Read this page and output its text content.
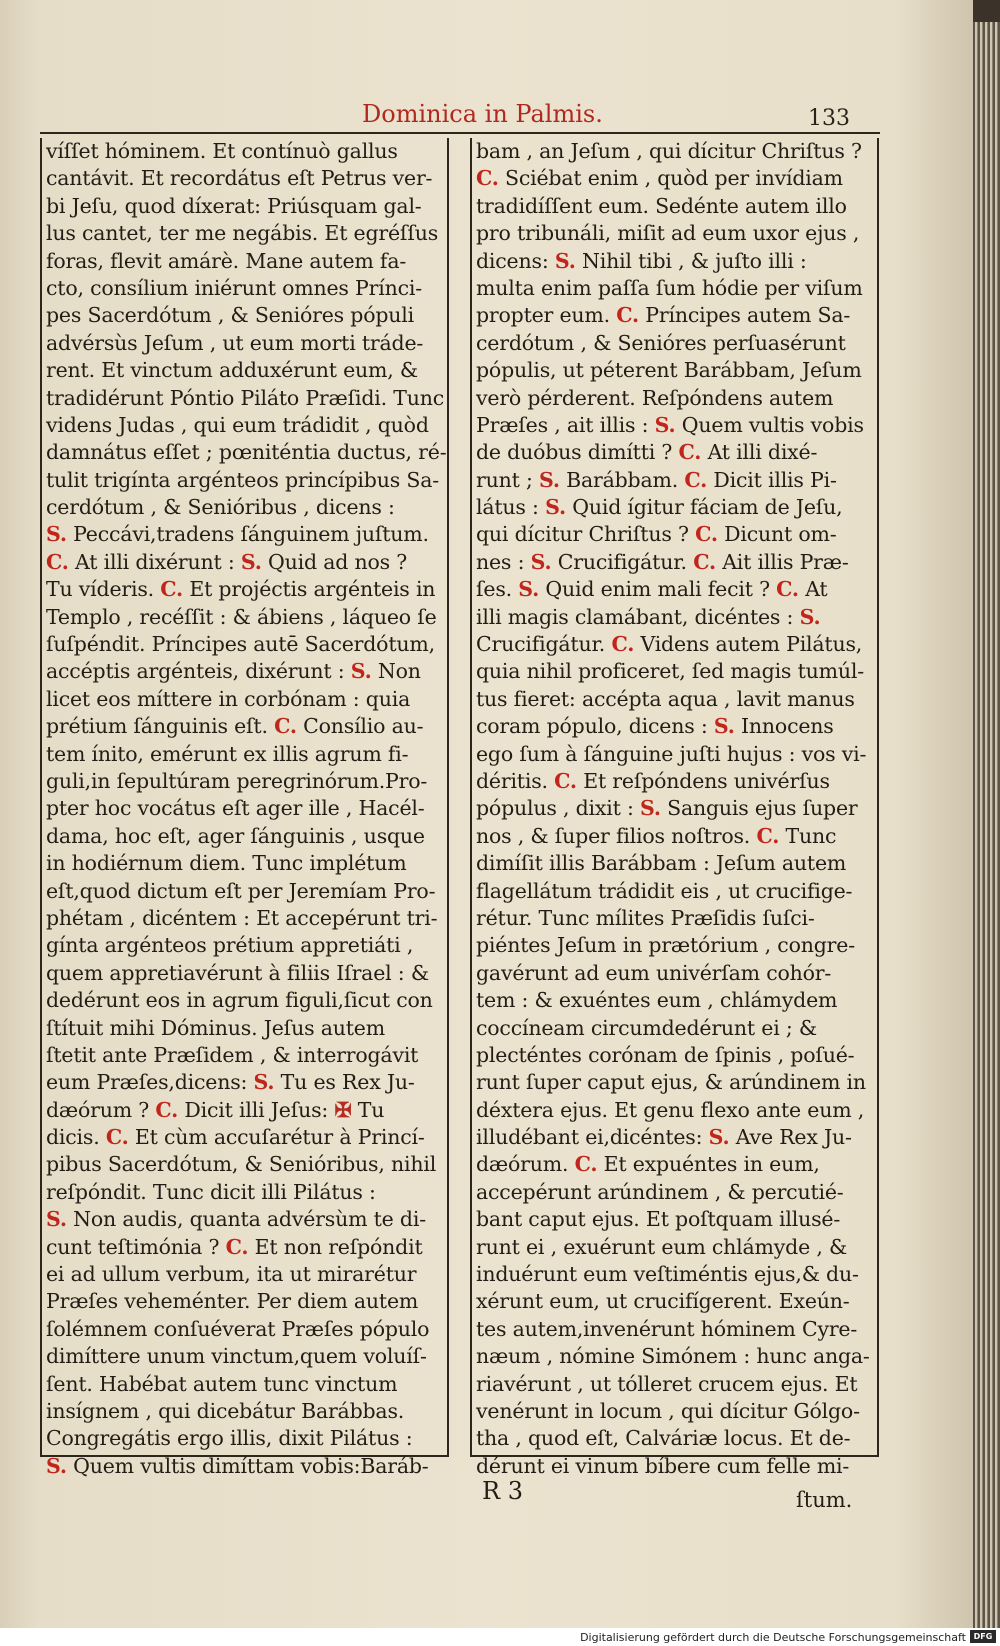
Dominica in Palmis.	133
víſſet hóminem. Et contínuò gallus
cantávit. Et recordátus eſt Petrus ver-
bi Jeſu, quod díxerat: Priúsquam gal-
lus cantet, ter me negábis. Et egréſſus
foras, flevit amárè. Mane autem fa-
cto, consílium iniérunt omnes Prínci-
pes Sacerdótum , & Senióres pópuli
advérsùs Jeſum , ut eum morti tráde-
rent. Et vinctum adduxérunt eum, &
tradidérunt Póntio Piláto Præſidi. Tunc
videns Judas , qui eum trádidit , quòd
damnátus eſſet ; pœniténtia ductus, ré-
tulit trigínta argénteos princípibus Sa-
cerdótum , & Senióribus , dicens :
S. Peccávi,tradens ſánguinem juſtum.
C. At illi dixérunt : S. Quid ad nos ?
Tu víderis. C. Et projéctis argénteis in
Templo , recéſſit : & ábiens , láqueo ſe
ſuſpéndit. Príncipes autē Sacerdótum,
accéptis argénteis, dixérunt : S. Non
licet eos míttere in corbónam : quia
prétium ſánguinis eſt. C. Consílio au-
tem ínito, emérunt ex illis agrum fi-
guli,in ſepultúram peregrinórum.Pro-
pter hoc vocátus eſt ager ille , Hacél-
dama, hoc eſt, ager ſánguinis , usque
in hodiérnum diem. Tunc implétum
eſt,quod dictum eſt per Jeremíam Pro-
phétam , dicéntem : Et accepérunt tri-
gínta argénteos prétium appretiáti ,
quem appretiavérunt à filiis Iſrael : &
dedérunt eos in agrum figuli,ſicut con
ſtítuit mihi Dóminus. Jeſus autem
ſtetit ante Præſidem , & interrogávit
eum Præſes,dicens: S. Tu es Rex Ju-
dæórum ? C. Dicit illi Jeſus: ✠ Tu
dicis. C. Et cùm accuſarétur à Princí-
pibus Sacerdótum, & Senióribus, nihil
reſpóndit. Tunc dicit illi Pilátus :
S. Non audis, quanta advérsùm te di-
cunt teſtimónia ? C. Et non reſpóndit
ei ad ullum verbum, ita ut mirarétur
Præſes veheménter. Per diem autem
ſolémnem conſuéverat Præſes pópulo
dimíttere unum vinctum,quem voluíſ-
ſent. Habébat autem tunc vinctum
insígnem , qui dicebátur Barábbas.
Congregátis ergo illis, dixit Pilátus :
S. Quem vultis dimíttam vobis:Baráb-
bam , an Jeſum , qui dícitur Chriſtus ?
C. Sciébat enim , quòd per invídiam
tradidíſſent eum. Sedénte autem illo
pro tribunáli, miſit ad eum uxor ejus ,
dicens: S. Nihil tibi , & juſto illi :
multa enim paſſa ſum hódie per viſum
propter eum. C. Príncipes autem Sa-
cerdótum , & Senióres perſuasérunt
pópulis, ut péterent Barábbam, Jeſum
verò pérderent. Reſpóndens autem
Præſes , ait illis : S. Quem vultis vobis
de duóbus dimítti ? C. At illi dixé-
runt ; S. Barábbam. C. Dicit illis Pi-
látus : S. Quid ígitur fáciam de Jeſu,
qui dícitur Chriſtus ? C. Dicunt om-
nes : S. Crucifigátur. C. Ait illis Præ-
ſes. S. Quid enim mali fecit ? C. At
illi magis clamábant, dicéntes : S.
Crucifigátur. C. Videns autem Pilátus,
quia nihil proficeret, ſed magis tumúl-
tus fieret: accépta aqua , lavit manus
coram pópulo, dicens : S. Innocens
ego ſum à ſánguine juſti hujus : vos vi-
déritis. C. Et reſpóndens univérſus
pópulus , dixit : S. Sanguis ejus ſuper
nos , & ſuper filios noſtros. C. Tunc
dimíſit illis Barábbam : Jeſum autem
flagellátum trádidit eis , ut crucifige-
rétur. Tunc mílites Præſidis ſuſci-
piéntes Jeſum in prætórium , congre-
gavérunt ad eum univérſam cohór-
tem : & exuéntes eum , chlámydem
coccíneam circumdedérunt ei ; &
plecténtes corónam de ſpinis , poſué-
runt ſuper caput ejus, & arúndinem in
déxtera ejus. Et genu flexo ante eum ,
illudébant ei,dicéntes: S. Ave Rex Ju-
dæórum. C. Et expuéntes in eum,
accepérunt arúndinem , & percutié-
bant caput ejus. Et poſtquam illusé-
runt ei , exuérunt eum chlámyde , &
induérunt eum veſtiméntis ejus,& du-
xérunt eum, ut crucifígerent. Exeún-
tes autem,invenérunt hóminem Cyre-
næum , nómine Simónem : hunc anga-
riavérunt , ut tólleret crucem ejus. Et
venérunt in locum , qui dícitur Gólgo-
tha , quod eſt, Calváriæ locus. Et de-
dérunt ei vinum bíbere cum felle mi-
R 3	ſtum.
Digitalisierung gefördert durch die Deutsche Forschungsgemeinschaft DFG
